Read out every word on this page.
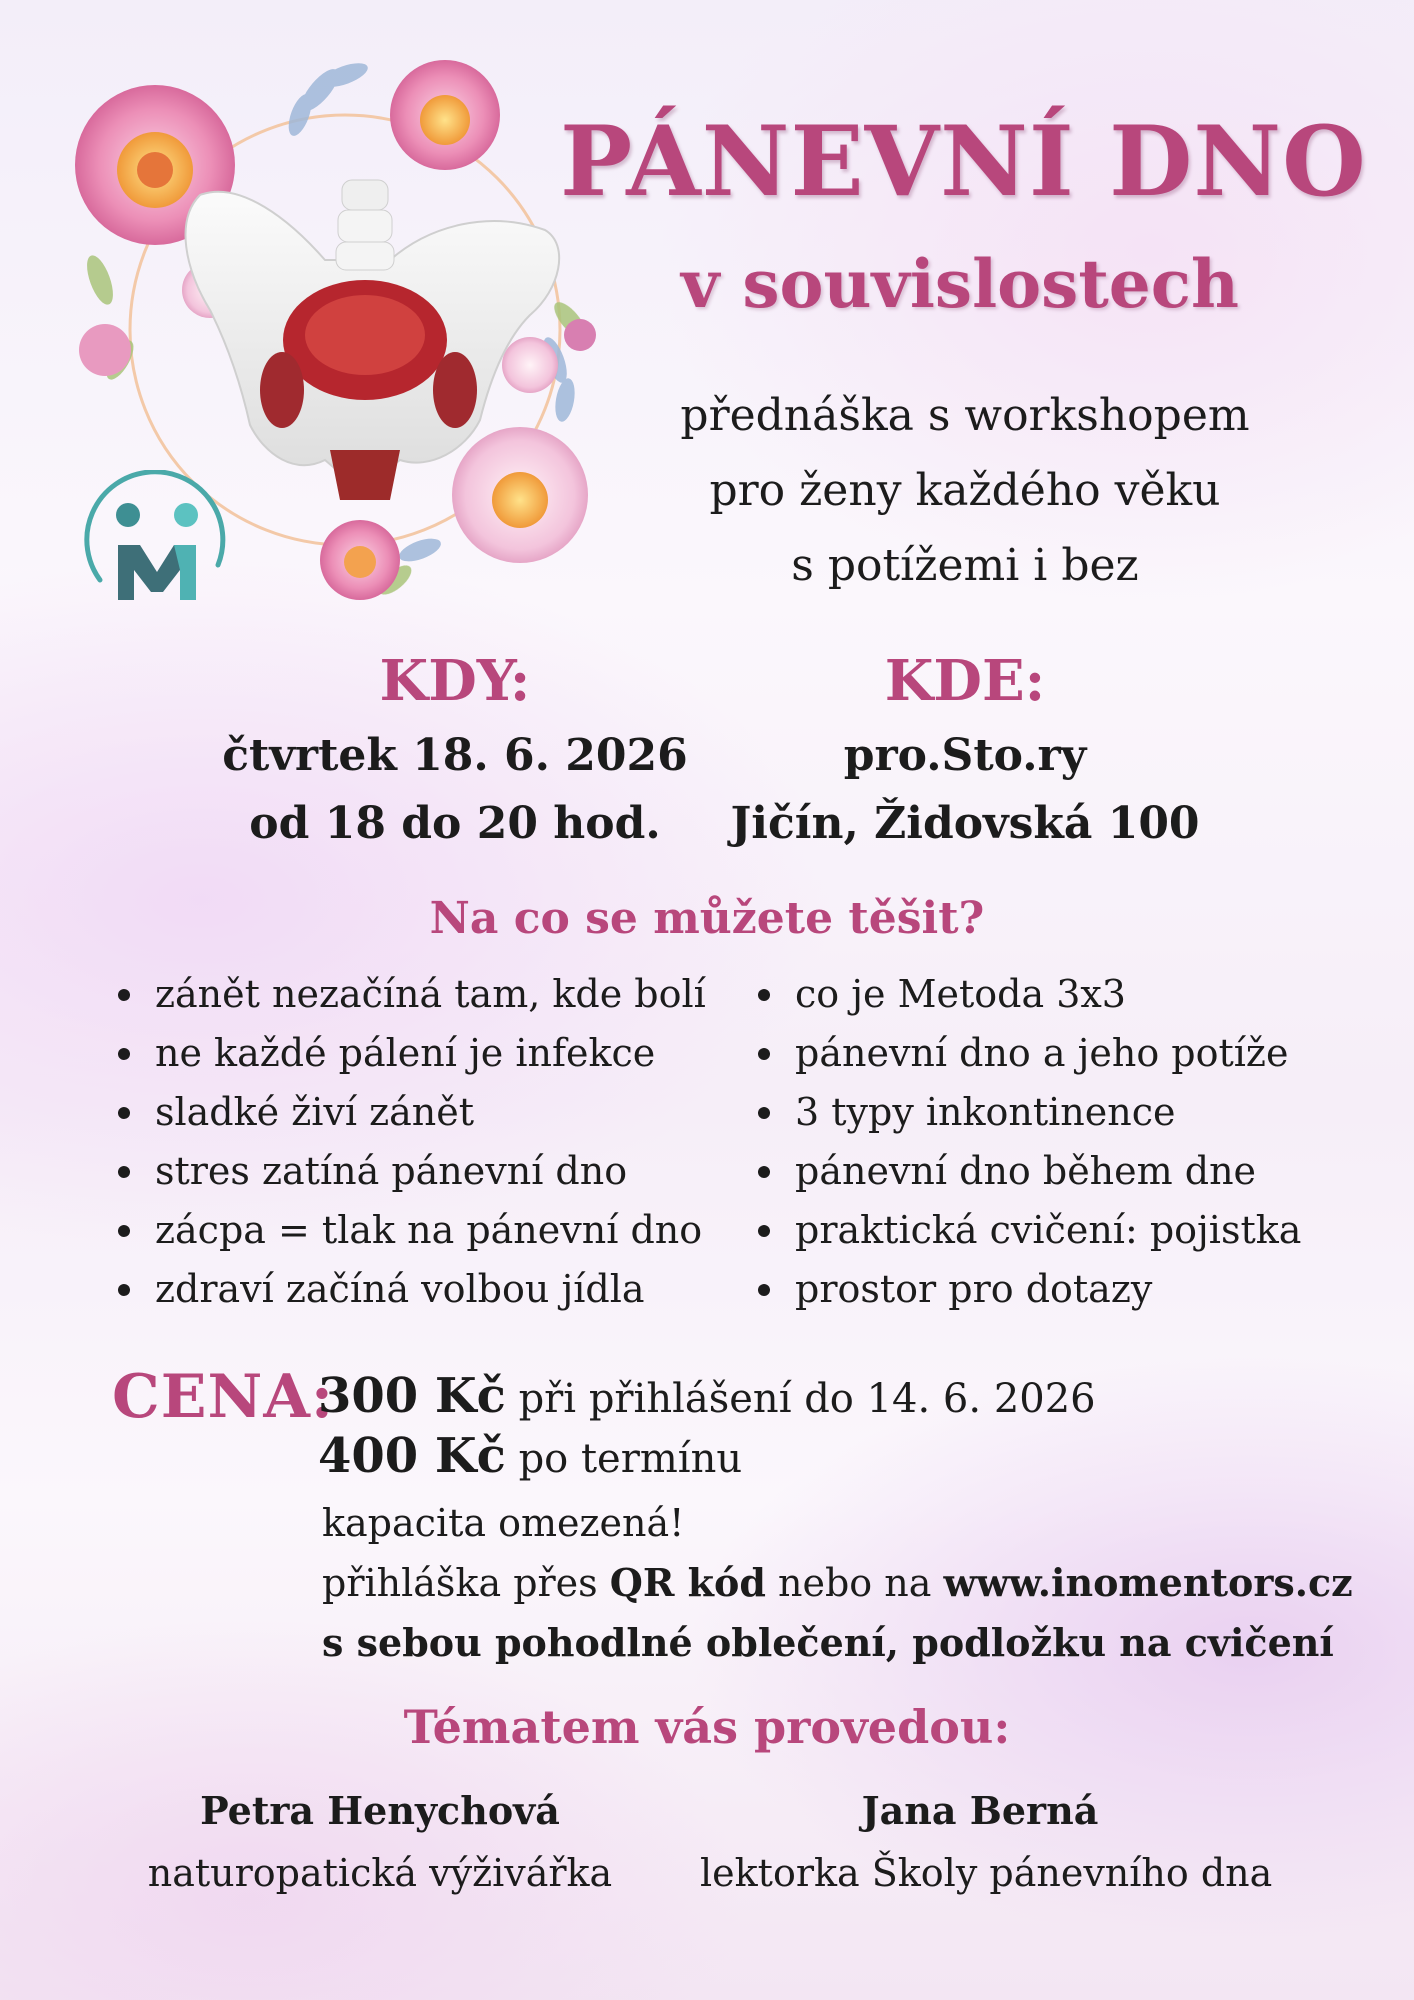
PÁNEVNÍ DNO
v souvislostech
přednáška s workshopem
pro ženy každého věku
s potížemi i bez
KDY:
čtvrtek 18. 6. 2026
od 18 do 20 hod.
KDE:
pro.Sto.ry
Jičín, Židovská 100
Na co se můžete těšit?
zánět nezačíná tam, kde bolí
ne každé pálení je infekce
sladké živí zánět
stres zatíná pánevní dno
zácpa = tlak na pánevní dno
zdraví začíná volbou jídla
co je Metoda 3x3
pánevní dno a jeho potíže
3 typy inkontinence
pánevní dno během dne
praktická cvičení: pojistka
prostor pro dotazy
CENA:
300 Kč při přihlášení do 14. 6. 2026
400 Kč po termínu
kapacita omezená!
přihláška přes QR kód nebo na www.inomentors.cz
s sebou pohodlné oblečení, podložku na cvičení
Tématem vás provedou:
Petra Henychová
naturopatická výživářka
Jana Berná
lektorka Školy pánevního dna
